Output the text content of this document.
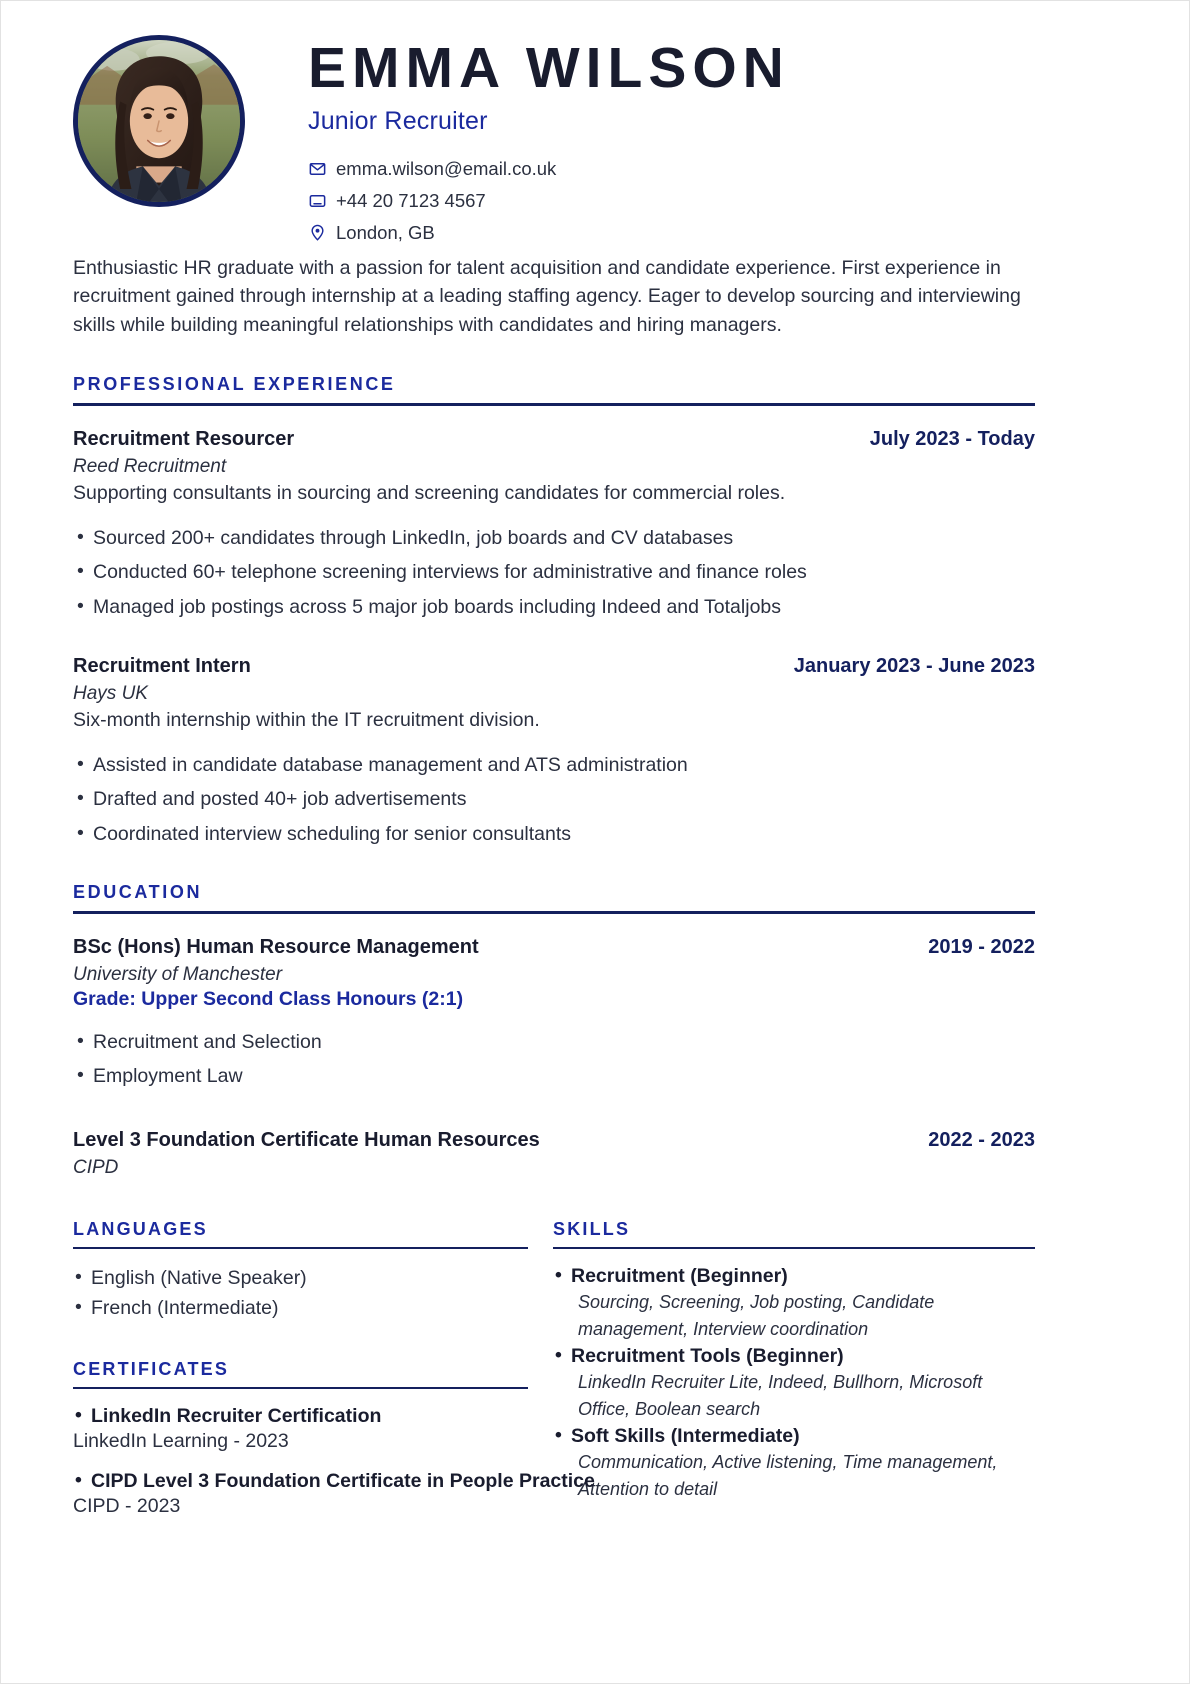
EMMA WILSON
Junior Recruiter
emma.wilson@email.co.uk
+44 20 7123 4567
London, GB
Enthusiastic HR graduate with a passion for talent acquisition and candidate experience. First experience in recruitment gained through internship at a leading staffing agency. Eager to develop sourcing and interviewing skills while building meaningful relationships with candidates and hiring managers.
PROFESSIONAL EXPERIENCE
Recruitment Resourcer	July 2023 - Today
Reed Recruitment
Supporting consultants in sourcing and screening candidates for commercial roles.
• Sourced 200+ candidates through LinkedIn, job boards and CV databases
• Conducted 60+ telephone screening interviews for administrative and finance roles
• Managed job postings across 5 major job boards including Indeed and Totaljobs
Recruitment Intern	January 2023 - June 2023
Hays UK
Six-month internship within the IT recruitment division.
• Assisted in candidate database management and ATS administration
• Drafted and posted 40+ job advertisements
• Coordinated interview scheduling for senior consultants
EDUCATION
BSc (Hons) Human Resource Management	2019 - 2022
University of Manchester
Grade: Upper Second Class Honours (2:1)
• Recruitment and Selection
• Employment Law
Level 3 Foundation Certificate Human Resources	2022 - 2023
CIPD
LANGUAGES
• English (Native Speaker)
• French (Intermediate)
CERTIFICATES
• LinkedIn Recruiter Certification
LinkedIn Learning - 2023
• CIPD Level 3 Foundation Certificate in People Practice
CIPD - 2023
SKILLS
• Recruitment (Beginner)
Sourcing, Screening, Job posting, Candidate management, Interview coordination
• Recruitment Tools (Beginner)
LinkedIn Recruiter Lite, Indeed, Bullhorn, Microsoft Office, Boolean search
• Soft Skills (Intermediate)
Communication, Active listening, Time management, Attention to detail
